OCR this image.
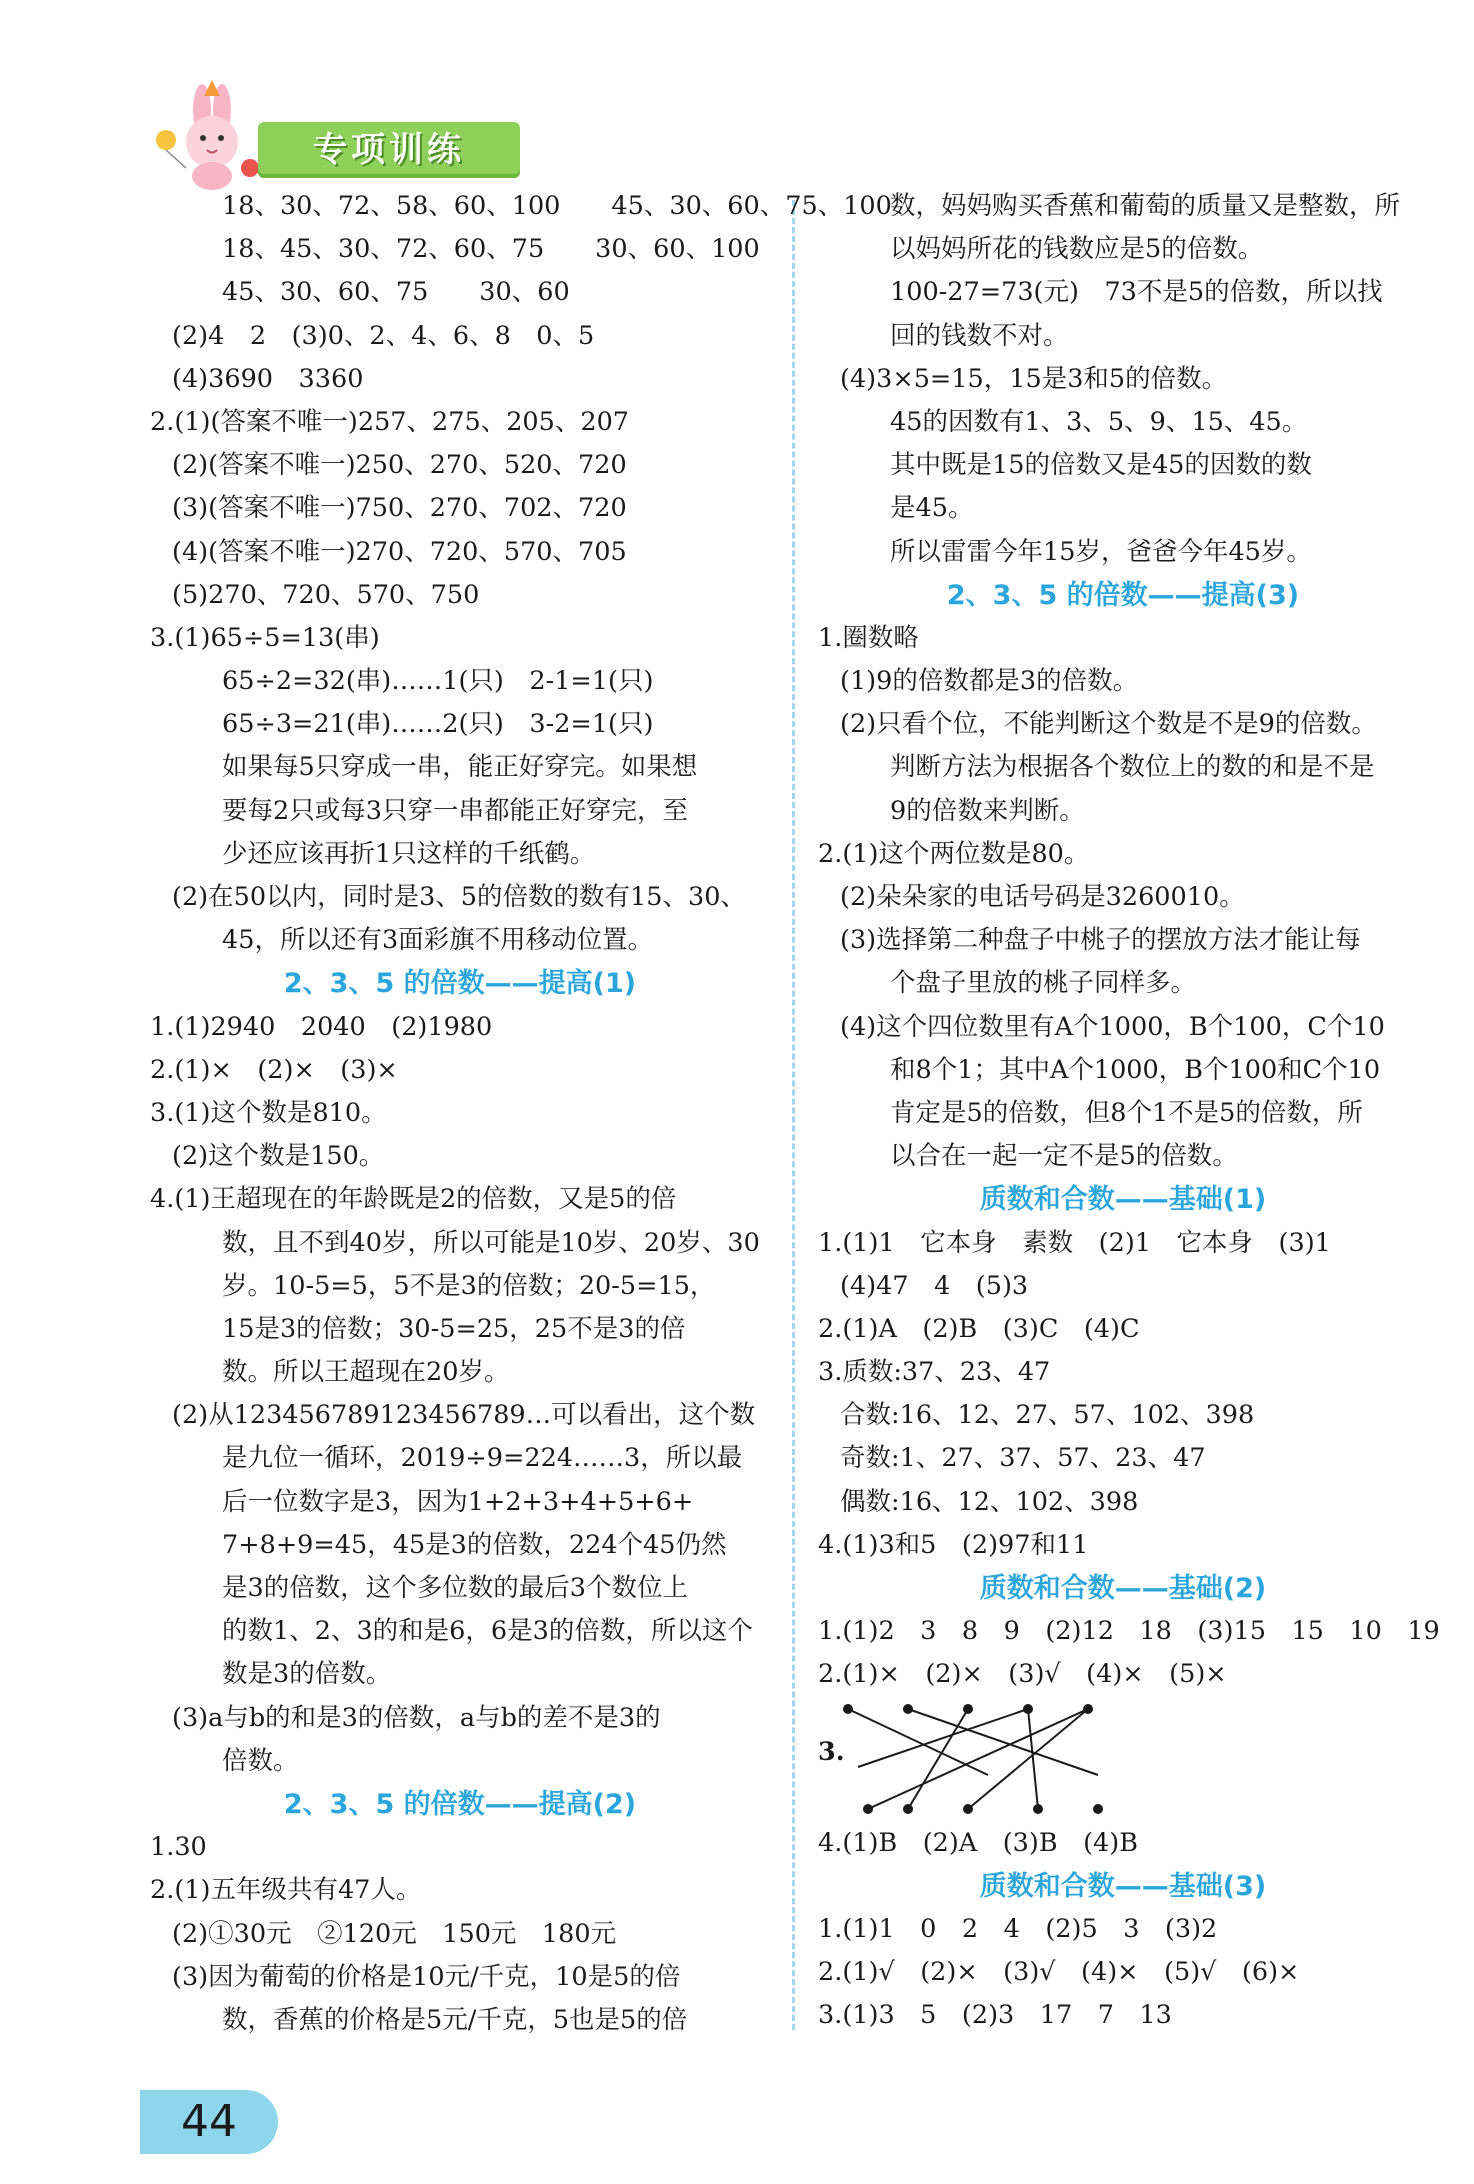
专项训练
18、30、72、58、60、100　　45、30、60、75、100
18、45、30、72、60、75　　30、60、100
45、30、60、75　　30、60
(2)4　2　(3)0、2、4、6、8　0、5
(4)3690　3360
2.(1)(答案不唯一)257、275、205、207
(2)(答案不唯一)250、270、520、720
(3)(答案不唯一)750、270、702、720
(4)(答案不唯一)270、720、570、705
(5)270、720、570、750
3.(1)65÷5=13(串)
65÷2=32(串)……1(只)　2-1=1(只)
65÷3=21(串)……2(只)　3-2=1(只)
如果每5只穿成一串，能正好穿完。如果想
要每2只或每3只穿一串都能正好穿完，至
少还应该再折1只这样的千纸鹤。
(2)在50以内，同时是3、5的倍数的数有15、30、
45，所以还有3面彩旗不用移动位置。
2、3、5 的倍数——提高(1)
1.(1)2940　2040　(2)1980
2.(1)×　(2)×　(3)×
3.(1)这个数是810。
(2)这个数是150。
4.(1)王超现在的年龄既是2的倍数，又是5的倍
数，且不到40岁，所以可能是10岁、20岁、30
岁。10-5=5，5不是3的倍数；20-5=15，
15是3的倍数；30-5=25，25不是3的倍
数。所以王超现在20岁。
(2)从123456789123456789…可以看出，这个数
是九位一循环，2019÷9=224……3，所以最
后一位数字是3，因为1+2+3+4+5+6+
7+8+9=45，45是3的倍数，224个45仍然
是3的倍数，这个多位数的最后3个数位上
的数1、2、3的和是6，6是3的倍数，所以这个
数是3的倍数。
(3)a与b的和是3的倍数，a与b的差不是3的
倍数。
2、3、5 的倍数——提高(2)
1.30
2.(1)五年级共有47人。
(2)①30元　②120元　150元　180元
(3)因为葡萄的价格是10元/千克，10是5的倍
数，香蕉的价格是5元/千克，5也是5的倍
数，妈妈购买香蕉和葡萄的质量又是整数，所
以妈妈所花的钱数应是5的倍数。
100-27=73(元)　73不是5的倍数，所以找
回的钱数不对。
(4)3×5=15，15是3和5的倍数。
45的因数有1、3、5、9、15、45。
其中既是15的倍数又是45的因数的数
是45。
所以雷雷今年15岁，爸爸今年45岁。
2、3、5 的倍数——提高(3)
1.圈数略
(1)9的倍数都是3的倍数。
(2)只看个位，不能判断这个数是不是9的倍数。
判断方法为根据各个数位上的数的和是不是
9的倍数来判断。
2.(1)这个两位数是80。
(2)朵朵家的电话号码是3260010。
(3)选择第二种盘子中桃子的摆放方法才能让每
个盘子里放的桃子同样多。
(4)这个四位数里有A个1000，B个100，C个10
和8个1；其中A个1000，B个100和C个10
肯定是5的倍数，但8个1不是5的倍数，所
以合在一起一定不是5的倍数。
质数和合数——基础(1)
1.(1)1　它本身　素数　(2)1　它本身　(3)1
(4)47　4　(5)3
2.(1)A　(2)B　(3)C　(4)C
3.质数:37、23、47
合数:16、12、27、57、102、398
奇数:1、27、37、57、23、47
偶数:16、12、102、398
4.(1)3和5　(2)97和11
质数和合数——基础(2)
1.(1)2　3　8　9　(2)12　18　(3)15　15　10　19
2.(1)×　(2)×　(3)√　(4)×　(5)×
3.
4.(1)B　(2)A　(3)B　(4)B
质数和合数——基础(3)
1.(1)1　0　2　4　(2)5　3　(3)2
2.(1)√　(2)×　(3)√　(4)×　(5)√　(6)×
3.(1)3　5　(2)3　17　7　13
44
